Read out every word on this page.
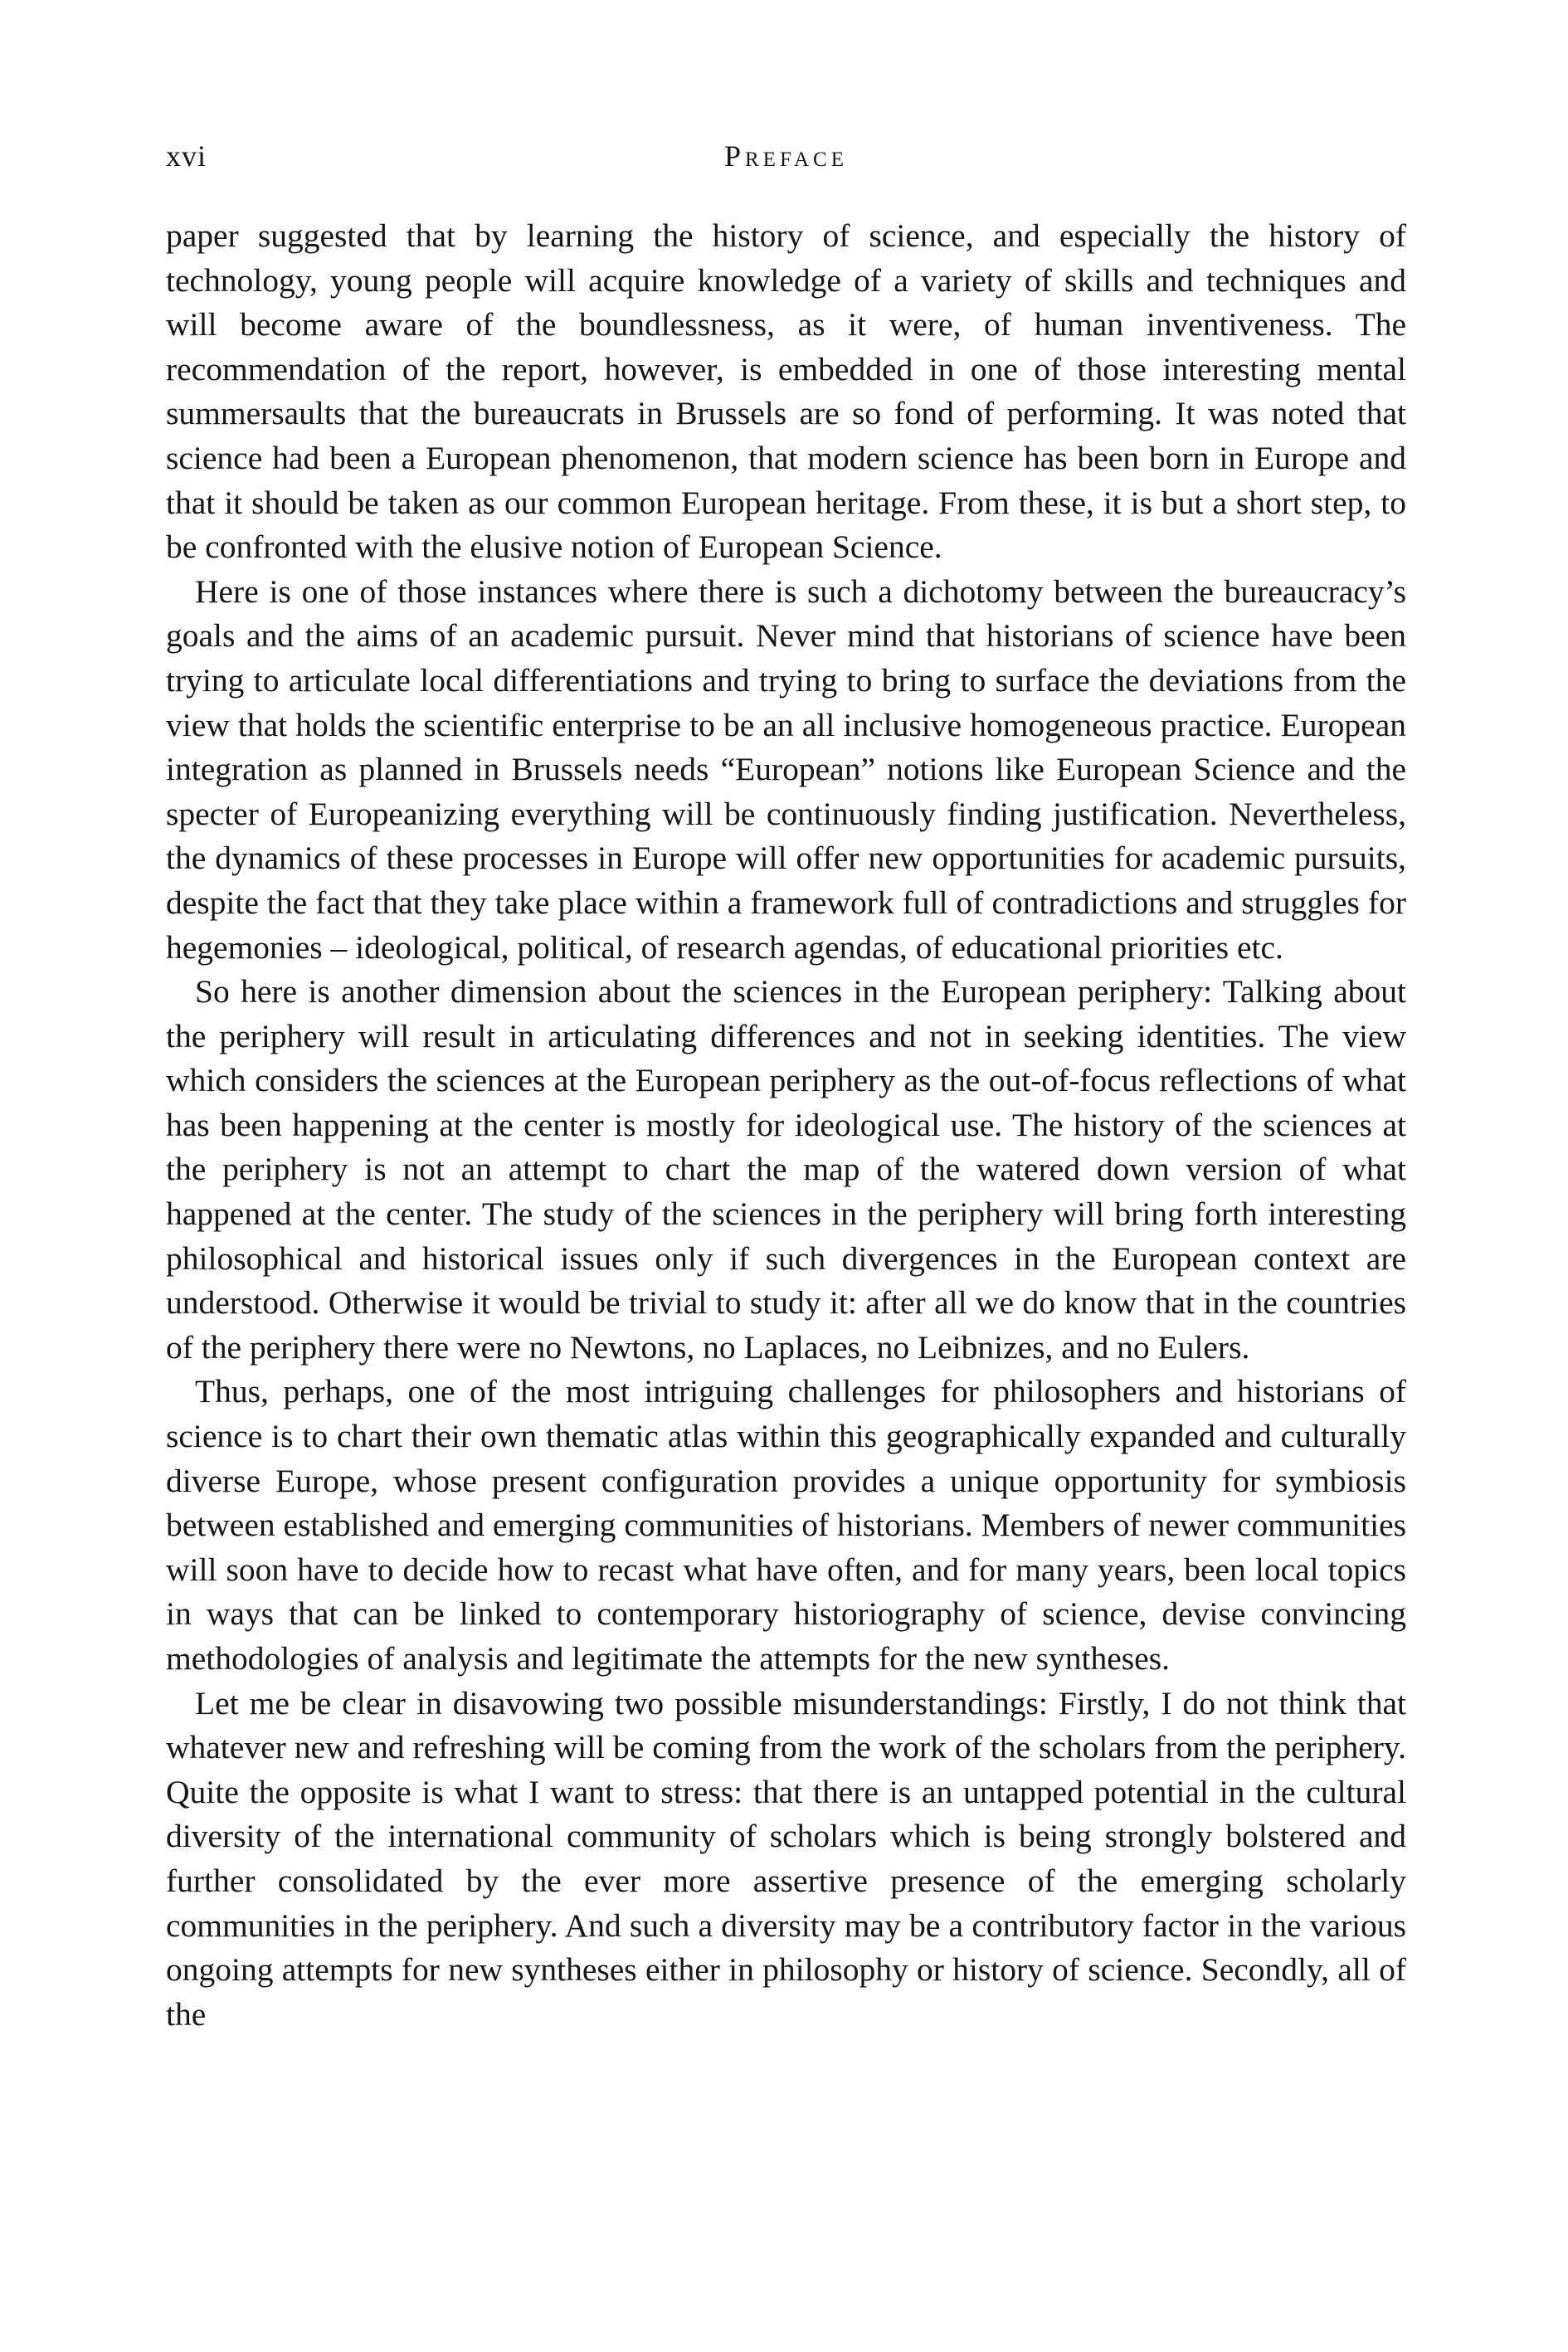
xvi	Preface

paper suggested that by learning the history of science, and especially the history of technology, young people will acquire knowledge of a variety of skills and techniques and will become aware of the boundlessness, as it were, of human inventiveness. The recommendation of the report, however, is embedded in one of those interesting mental summersaults that the bureaucrats in Brussels are so fond of performing. It was noted that science had been a European phenomenon, that modern science has been born in Europe and that it should be taken as our common European heritage. From these, it is but a short step, to be confronted with the elusive notion of European Science.

Here is one of those instances where there is such a dichotomy between the bureaucracy’s goals and the aims of an academic pursuit. Never mind that historians of science have been trying to articulate local differentiations and trying to bring to surface the deviations from the view that holds the scientific enterprise to be an all inclusive homogeneous practice. European integration as planned in Brussels needs “European” notions like European Science and the specter of Europeanizing everything will be continuously finding justification. Nevertheless, the dynamics of these processes in Europe will offer new opportunities for academic pursuits, despite the fact that they take place within a framework full of contradictions and struggles for hegemonies – ideological, political, of research agendas, of educational priorities etc.

So here is another dimension about the sciences in the European periphery: Talking about the periphery will result in articulating differences and not in seeking identities. The view which considers the sciences at the European periphery as the out-of-focus reflections of what has been happening at the center is mostly for ideological use. The history of the sciences at the periphery is not an attempt to chart the map of the watered down version of what happened at the center. The study of the sciences in the periphery will bring forth interesting philosophical and historical issues only if such divergences in the European context are understood. Otherwise it would be trivial to study it: after all we do know that in the countries of the periphery there were no Newtons, no Laplaces, no Leibnizes, and no Eulers.

Thus, perhaps, one of the most intriguing challenges for philosophers and historians of science is to chart their own thematic atlas within this geographically expanded and culturally diverse Europe, whose present configuration provides a unique opportunity for symbiosis between established and emerging communities of historians. Members of newer communities will soon have to decide how to recast what have often, and for many years, been local topics in ways that can be linked to contemporary historiography of science, devise convincing methodologies of analysis and legitimate the attempts for the new syntheses.

Let me be clear in disavowing two possible misunderstandings: Firstly, I do not think that whatever new and refreshing will be coming from the work of the scholars from the periphery. Quite the opposite is what I want to stress: that there is an untapped potential in the cultural diversity of the international community of scholars which is being strongly bolstered and further consolidated by the ever more assertive presence of the emerging scholarly communities in the periphery. And such a diversity may be a contributory factor in the various ongoing attempts for new syntheses either in philosophy or history of science. Secondly, all of the
